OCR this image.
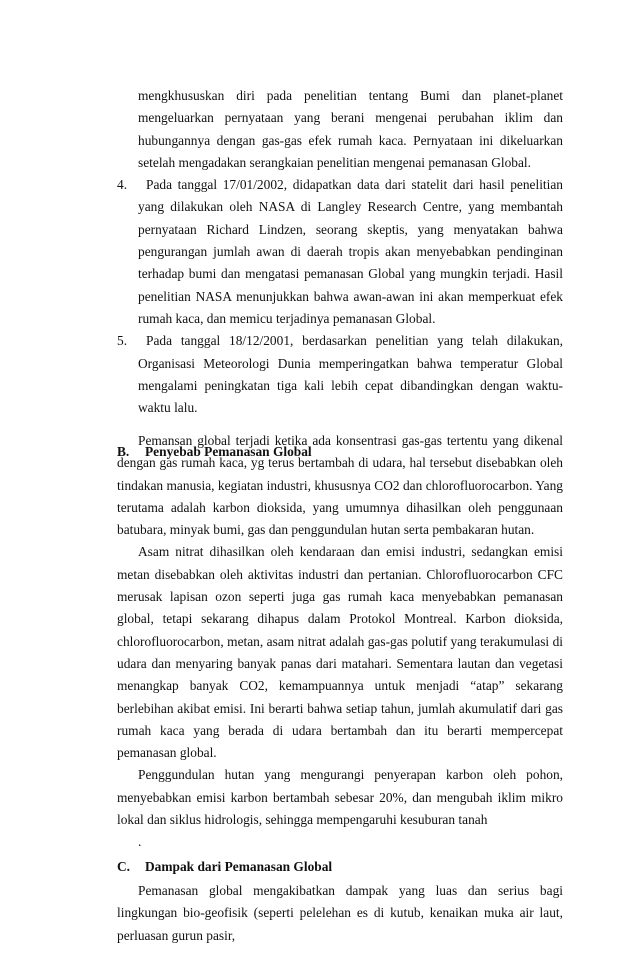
mengkhususkan diri pada penelitian tentang Bumi dan planet-planet mengeluarkan pernyataan yang berani mengenai perubahan iklim dan hubungannya dengan gas-gas efek rumah kaca. Pernyataan ini dikeluarkan setelah mengadakan serangkaian penelitian mengenai pemanasan Global.

4.	Pada tanggal 17/01/2002, didapatkan data dari statelit dari hasil penelitian yang dilakukan oleh NASA di Langley Research Centre, yang membantah pernyataan Richard Lindzen, seorang skeptis, yang menyatakan bahwa pengurangan jumlah awan di daerah tropis akan menyebabkan pendinginan terhadap bumi dan mengatasi pemanasan Global yang mungkin terjadi. Hasil penelitian NASA menunjukkan bahwa awan-awan ini akan memperkuat efek rumah kaca, dan memicu terjadinya pemanasan Global.

5.	Pada tanggal 18/12/2001, berdasarkan penelitian yang telah dilakukan, Organisasi Meteorologi Dunia memperingatkan bahwa temperatur Global mengalami peningkatan tiga kali lebih cepat dibandingkan dengan waktu-waktu lalu.

B. Penyebab Pemanasan Global

Pemansan global terjadi ketika ada konsentrasi gas-gas tertentu yang dikenal dengan gas rumah kaca, yg terus bertambah di udara, hal tersebut disebabkan oleh tindakan manusia, kegiatan industri, khususnya CO2 dan chlorofluorocarbon. Yang terutama adalah karbon dioksida, yang umumnya dihasilkan oleh penggunaan batubara, minyak bumi, gas dan penggundulan hutan serta pembakaran hutan.

Asam nitrat dihasilkan oleh kendaraan dan emisi industri, sedangkan emisi metan disebabkan oleh aktivitas industri dan pertanian. Chlorofluorocarbon CFC merusak lapisan ozon seperti juga gas rumah kaca menyebabkan pemanasan global, tetapi sekarang dihapus dalam Protokol Montreal. Karbon dioksida, chlorofluorocarbon, metan, asam nitrat adalah gas-gas polutif yang terakumulasi di udara dan menyaring banyak panas dari matahari. Sementara lautan dan vegetasi menangkap banyak CO2, kemampuannya untuk menjadi “atap” sekarang berlebihan akibat emisi. Ini berarti bahwa setiap tahun, jumlah akumulatif dari gas rumah kaca yang berada di udara bertambah dan itu berarti mempercepat pemanasan global.

Penggundulan hutan yang mengurangi penyerapan karbon oleh pohon, menyebabkan emisi karbon bertambah sebesar 20%, dan mengubah iklim mikro lokal dan siklus hidrologis, sehingga mempengaruhi kesuburan tanah

.
C. Dampak dari Pemanasan Global

Pemanasan global mengakibatkan dampak yang luas dan serius bagi lingkungan bio-geofisik (seperti pelelehan es di kutub, kenaikan muka air laut, perluasan gurun pasir,
